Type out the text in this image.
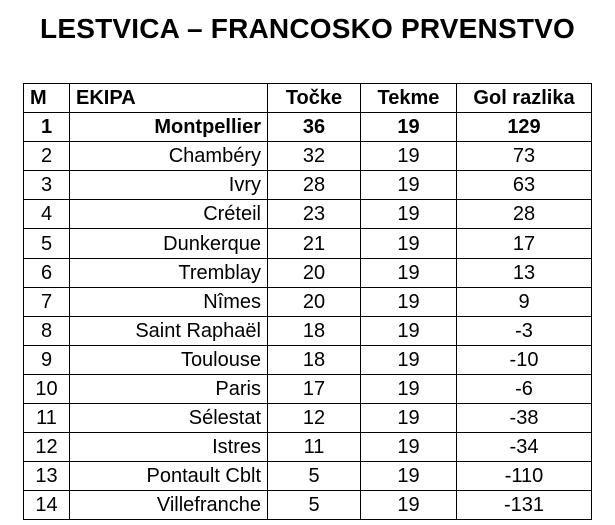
LESTVICA – FRANCOSKO PRVENSTVO
M	EKIPA	Točke	Tekme	Gol razlika
1	Montpellier	36	19	129
2	Chambéry	32	19	73
3	Ivry	28	19	63
4	Créteil	23	19	28
5	Dunkerque	21	19	17
6	Tremblay	20	19	13
7	Nîmes	20	19	9
8	Saint Raphaël	18	19	-3
9	Toulouse	18	19	-10
10	Paris	17	19	-6
11	Sélestat	12	19	-38
12	Istres	11	19	-34
13	Pontault Cblt	5	19	-110
14	Villefranche	5	19	-131
